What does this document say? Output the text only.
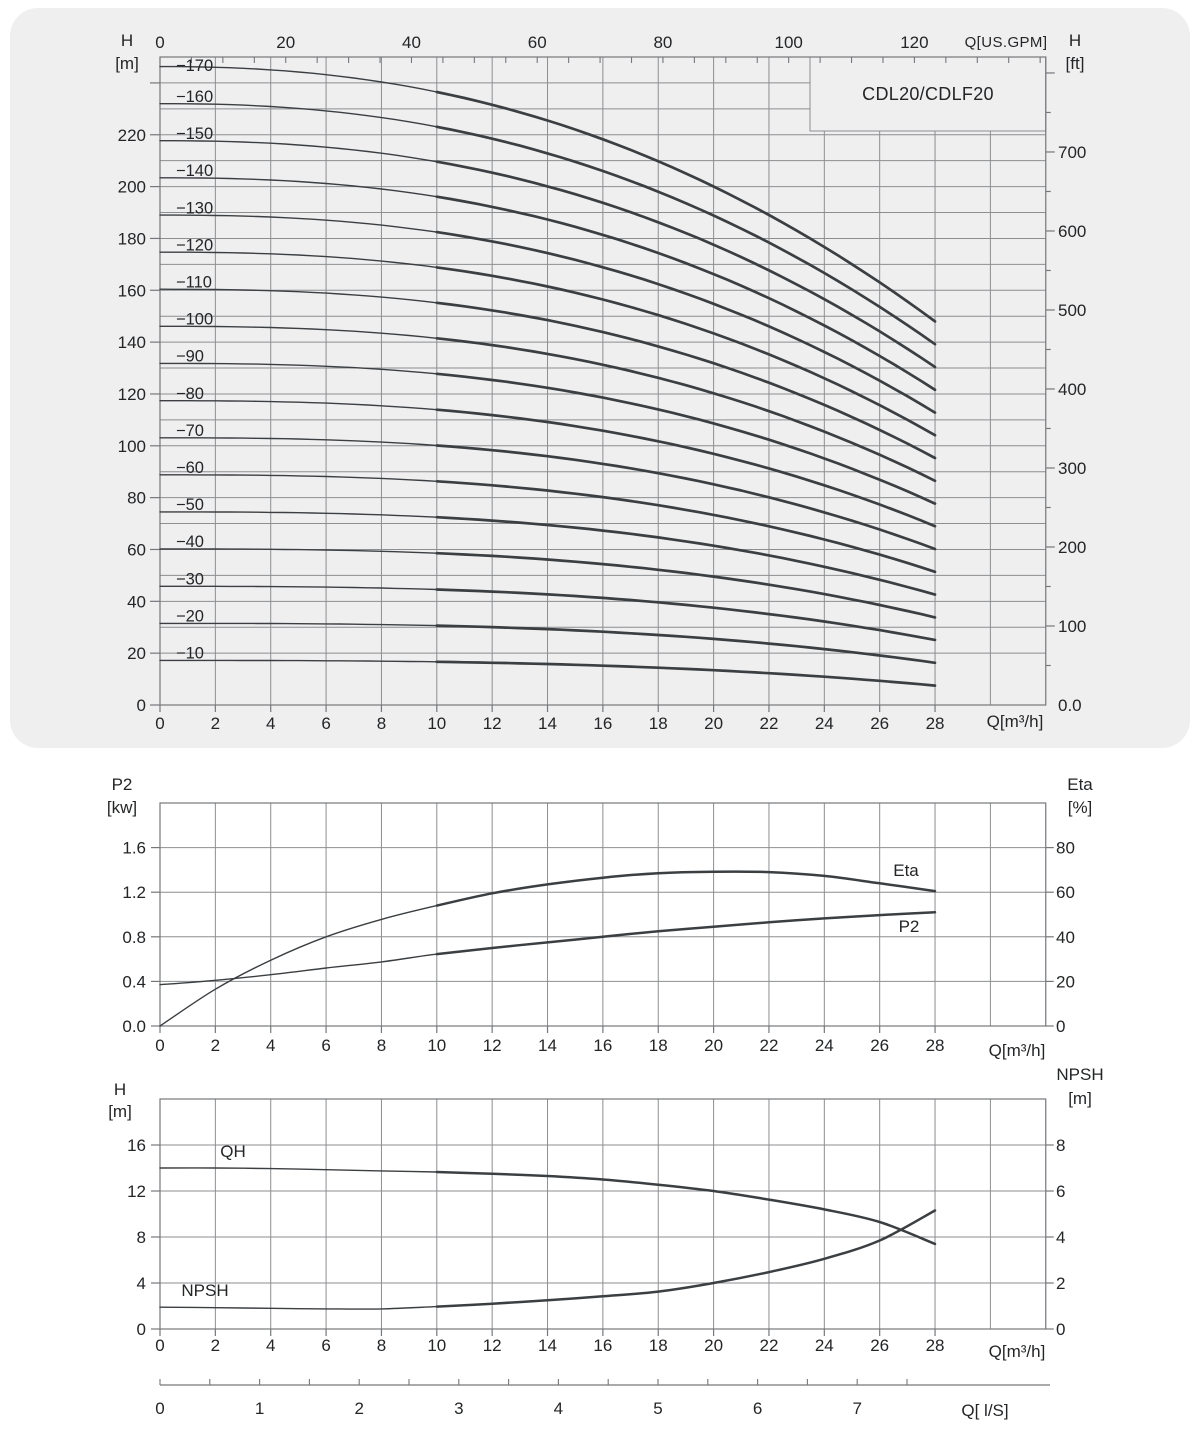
0
20
40
60
80
100
120
140
160
180
200
220
0	2	4	6	8 10 12 14 16 18 20 22 24 26 28
0	20	40	60	80	100	120
0.0
100
200
300
400
500
600
700
−10
−20
−30
−40
−50
−60
−70
−80
−90
−100
−110
−120
−130
−140
−150
−160
−170
0.0
0.4
0.8
1.2
1.6
0
20
40
60
80
0	2	4	6	8 10 12 14 16 18 20 22 24 26 28
0
4
8
12
16
0
2
4
6
8
0	2	4	6	8 10 12 14 16 18 20 22 24 26 28
0	1	2	3	4	5	6	7
H
[m]
Q[US.GPM]	H
[ft]
CDL20/CDLF20
Q[m³/h]
P2
[kw]
Eta
[%]
Eta
P2
Q[m³/h]
H
[m]
NPSH
[m]
QH
NPSH
Q[m³/h]
Q[ l/S]
